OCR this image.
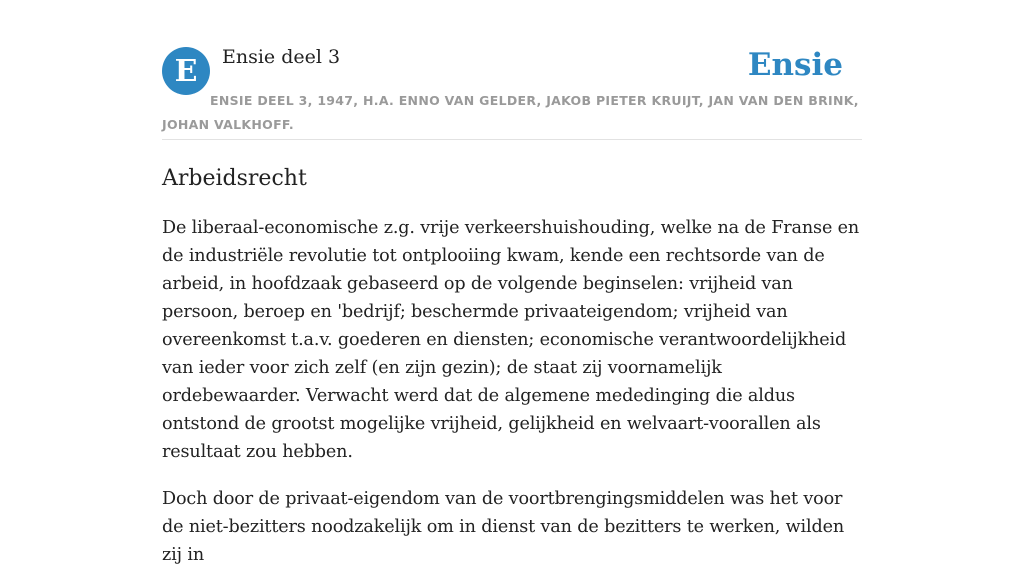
E Ensie deel 3	Ensie
ENSIE DEEL 3, 1947, H.A. ENNO VAN GELDER, JAKOB PIETER KRUIJT, JAN VAN DEN BRINK, JOHAN VALKHOFF.
Arbeidsrecht

De liberaal-economische z.g. vrije verkeershuishouding, welke na de Franse en de industriële revolutie tot ontplooiing kwam, kende een rechtsorde van de arbeid, in hoofdzaak gebaseerd op de volgende beginselen: vrijheid van persoon, beroep en 'bedrijf; beschermde privaateigendom; vrijheid van overeenkomst t.a.v. goederen en diensten; economische verantwoordelijkheid van ieder voor zich zelf (en zijn gezin); de staat zij voornamelijk ordebewaarder. Verwacht werd dat de algemene mededinging die aldus ontstond de grootst mogelijke vrijheid, gelijkheid en welvaart-voorallen als resultaat zou hebben.

Doch door de privaat-eigendom van de voortbrengingsmiddelen was het voor de niet-bezitters noodzakelijk om in dienst van de bezitters te werken, wilden zij in
